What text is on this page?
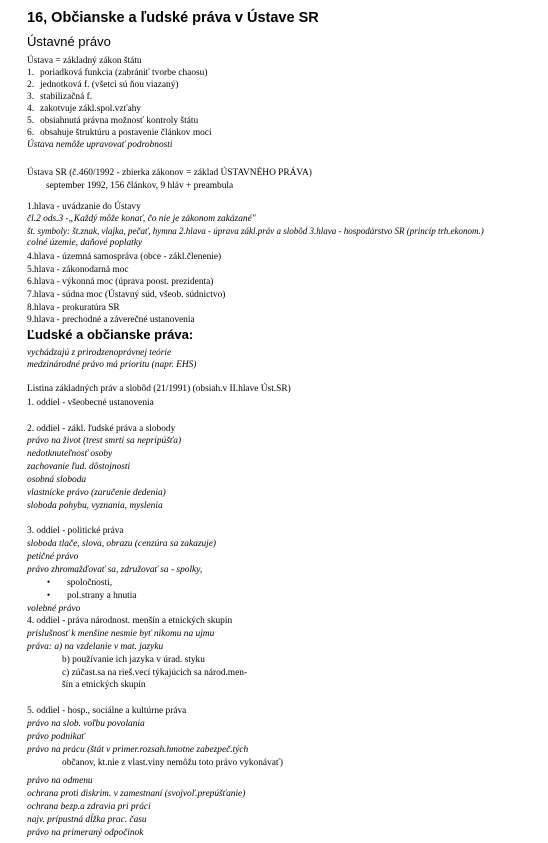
16, Občianske a ľudské práva v Ústave SR
Ústavné právo
Ústava = základný zákon štátu
1. poriadková funkcia (zabrániť tvorbe chaosu)
2. jednotková f. (všetci sú ňou viazaný)
3. stabilizačná f.
4. zakotvuje zákl.spol.vzťahy
5. obsiahnutá právna možnosť kontroly štátu
6. obsahuje štruktúru a postavenie článkov moci
Ústava nemôže upravovať podrobnosti
Ústava SR (č.460/1992 - zbierka zákonov = základ ÚSTAVNÉHO PRÁVA)
september 1992, 156 článkov, 9 hláv + preambula
1.hlava - uvádzanie do Ústavy
čl.2 ods.3 -„Každý môže konať, čo nie je zákonom zakázané"
št. symboly: št.znak, vlajka, pečať, hymna 2.hlava - úprava zákl.práv a slobôd 3.hlava - hospodárstvo SR (princíp trh.ekonom.)
colné územie, daňové poplatky
4.hlava - územná samospráva (obce - zákl.členenie)
5.hlava - zákonodarná moc
6.hlava - výkonná moc (úprava poost. prezidenta)
7.hlava - súdna moc (Ústavný súd, všeob. súdnictvo)
8.hlava - prokuratúra SR
9.hlava - prechodné a záverečné ustanovenia
Ľudské a občianske práva:
vychádzajú z prirodzenoprávnej teórie
medzinárodné právo má prioritu (napr. EHS)
Listina základných práv a slobôd (21/1991) (obsiah.v II.hlave Úst.SR)
1. oddiel - všeobecné ustanovenia
2. oddiel - zákl. ľudské práva a slobody
právo na život (trest smrti sa nepripúšťa)
nedotknuteľnosť osoby
zachovanie ľud. dôstojnosti
osobná sloboda
vlastnícke právo (zaručenie dedenia)
sloboda pohybu, vyznania, myslenia
3. oddiel - politické práva
sloboda tlače, slova, obrazu (cenzúra sa zakazuje)
petičné právo
právo zhromažďovať sa, združovať sa - spolky,
• spoločnosti,
• pol.strany a hnutia
volebné právo
4. oddiel - práva národnost. menšín a etnických skupín
príslušnosť k menšine nesmie byť nikomu na ujmu
práva: a) na vzdelanie v mat. jazyku
b) používanie ich jazyka v úrad. styku
c) zúčast.sa na rieš.vecí týkajúcich sa národ.men-
šín a etnických skupín
5. oddiel - hosp., sociálne a kultúrne práva
právo na slob. voľbu povolania
právo podnikať
právo na prácu (štát v primer.rozsah.hmotne zabezpeč.tých
občanov, kt.nie z vlast.viny nemôžu toto právo vykonávať)
právo na odmenu
ochrana proti diskrim. v zamestnaní (svojvoľ.prepúšťanie)
ochrana bezp.a zdravia pri práci
najv. prípustná dĺžka prac. času
právo na primeraný odpočinok
